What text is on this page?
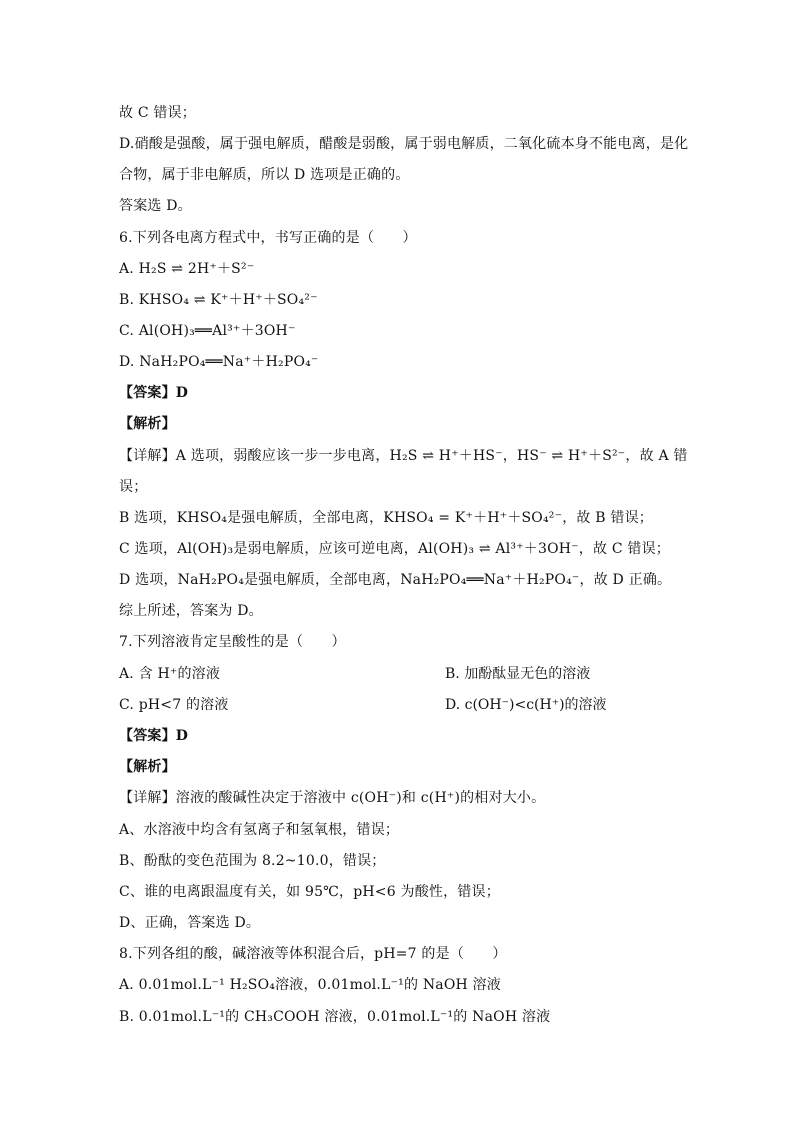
故 C 错误；
D.硝酸是强酸，属于强电解质，醋酸是弱酸，属于弱电解质，二氧化硫本身不能电离，是化
合物，属于非电解质，所以 D 选项是正确的。
答案选 D。
6.下列各电离方程式中，书写正确的是（　　）
A. H₂S ⇌ 2H⁺＋S²⁻
B. KHSO₄ ⇌ K⁺＋H⁺＋SO₄²⁻
C. Al(OH)₃══Al³⁺＋3OH⁻
D. NaH₂PO₄══Na⁺＋H₂PO₄⁻
【答案】D
【解析】
【详解】A 选项，弱酸应该一步一步电离，H₂S ⇌ H⁺＋HS⁻，HS⁻ ⇌ H⁺＋S²⁻，故 A 错
误；
B 选项，KHSO₄是强电解质，全部电离，KHSO₄ = K⁺＋H⁺＋SO₄²⁻，故 B 错误；
C 选项，Al(OH)₃是弱电解质，应该可逆电离，Al(OH)₃ ⇌ Al³⁺＋3OH⁻，故 C 错误；
D 选项，NaH₂PO₄是强电解质，全部电离，NaH₂PO₄══Na⁺＋H₂PO₄⁻，故 D 正确。
综上所述，答案为 D。
7.下列溶液肯定呈酸性的是（　　）
A. 含 H⁺的溶液	B. 加酚酞显无色的溶液
C. pH<7 的溶液	D. c(OH⁻)<c(H⁺)的溶液
【答案】D
【解析】
【详解】溶液的酸碱性决定于溶液中 c(OH⁻)和 c(H⁺)的相对大小。
A、水溶液中均含有氢离子和氢氧根，错误；
B、酚酞的变色范围为 8.2~10.0，错误；
C、谁的电离跟温度有关，如 95℃，pH<6 为酸性，错误；
D、正确，答案选 D。
8.下列各组的酸，碱溶液等体积混合后，pH=7 的是（　　）
A. 0.01mol.L⁻¹ H₂SO₄溶液，0.01mol.L⁻¹的 NaOH 溶液
B. 0.01mol.L⁻¹的 CH₃COOH 溶液，0.01mol.L⁻¹的 NaOH 溶液
